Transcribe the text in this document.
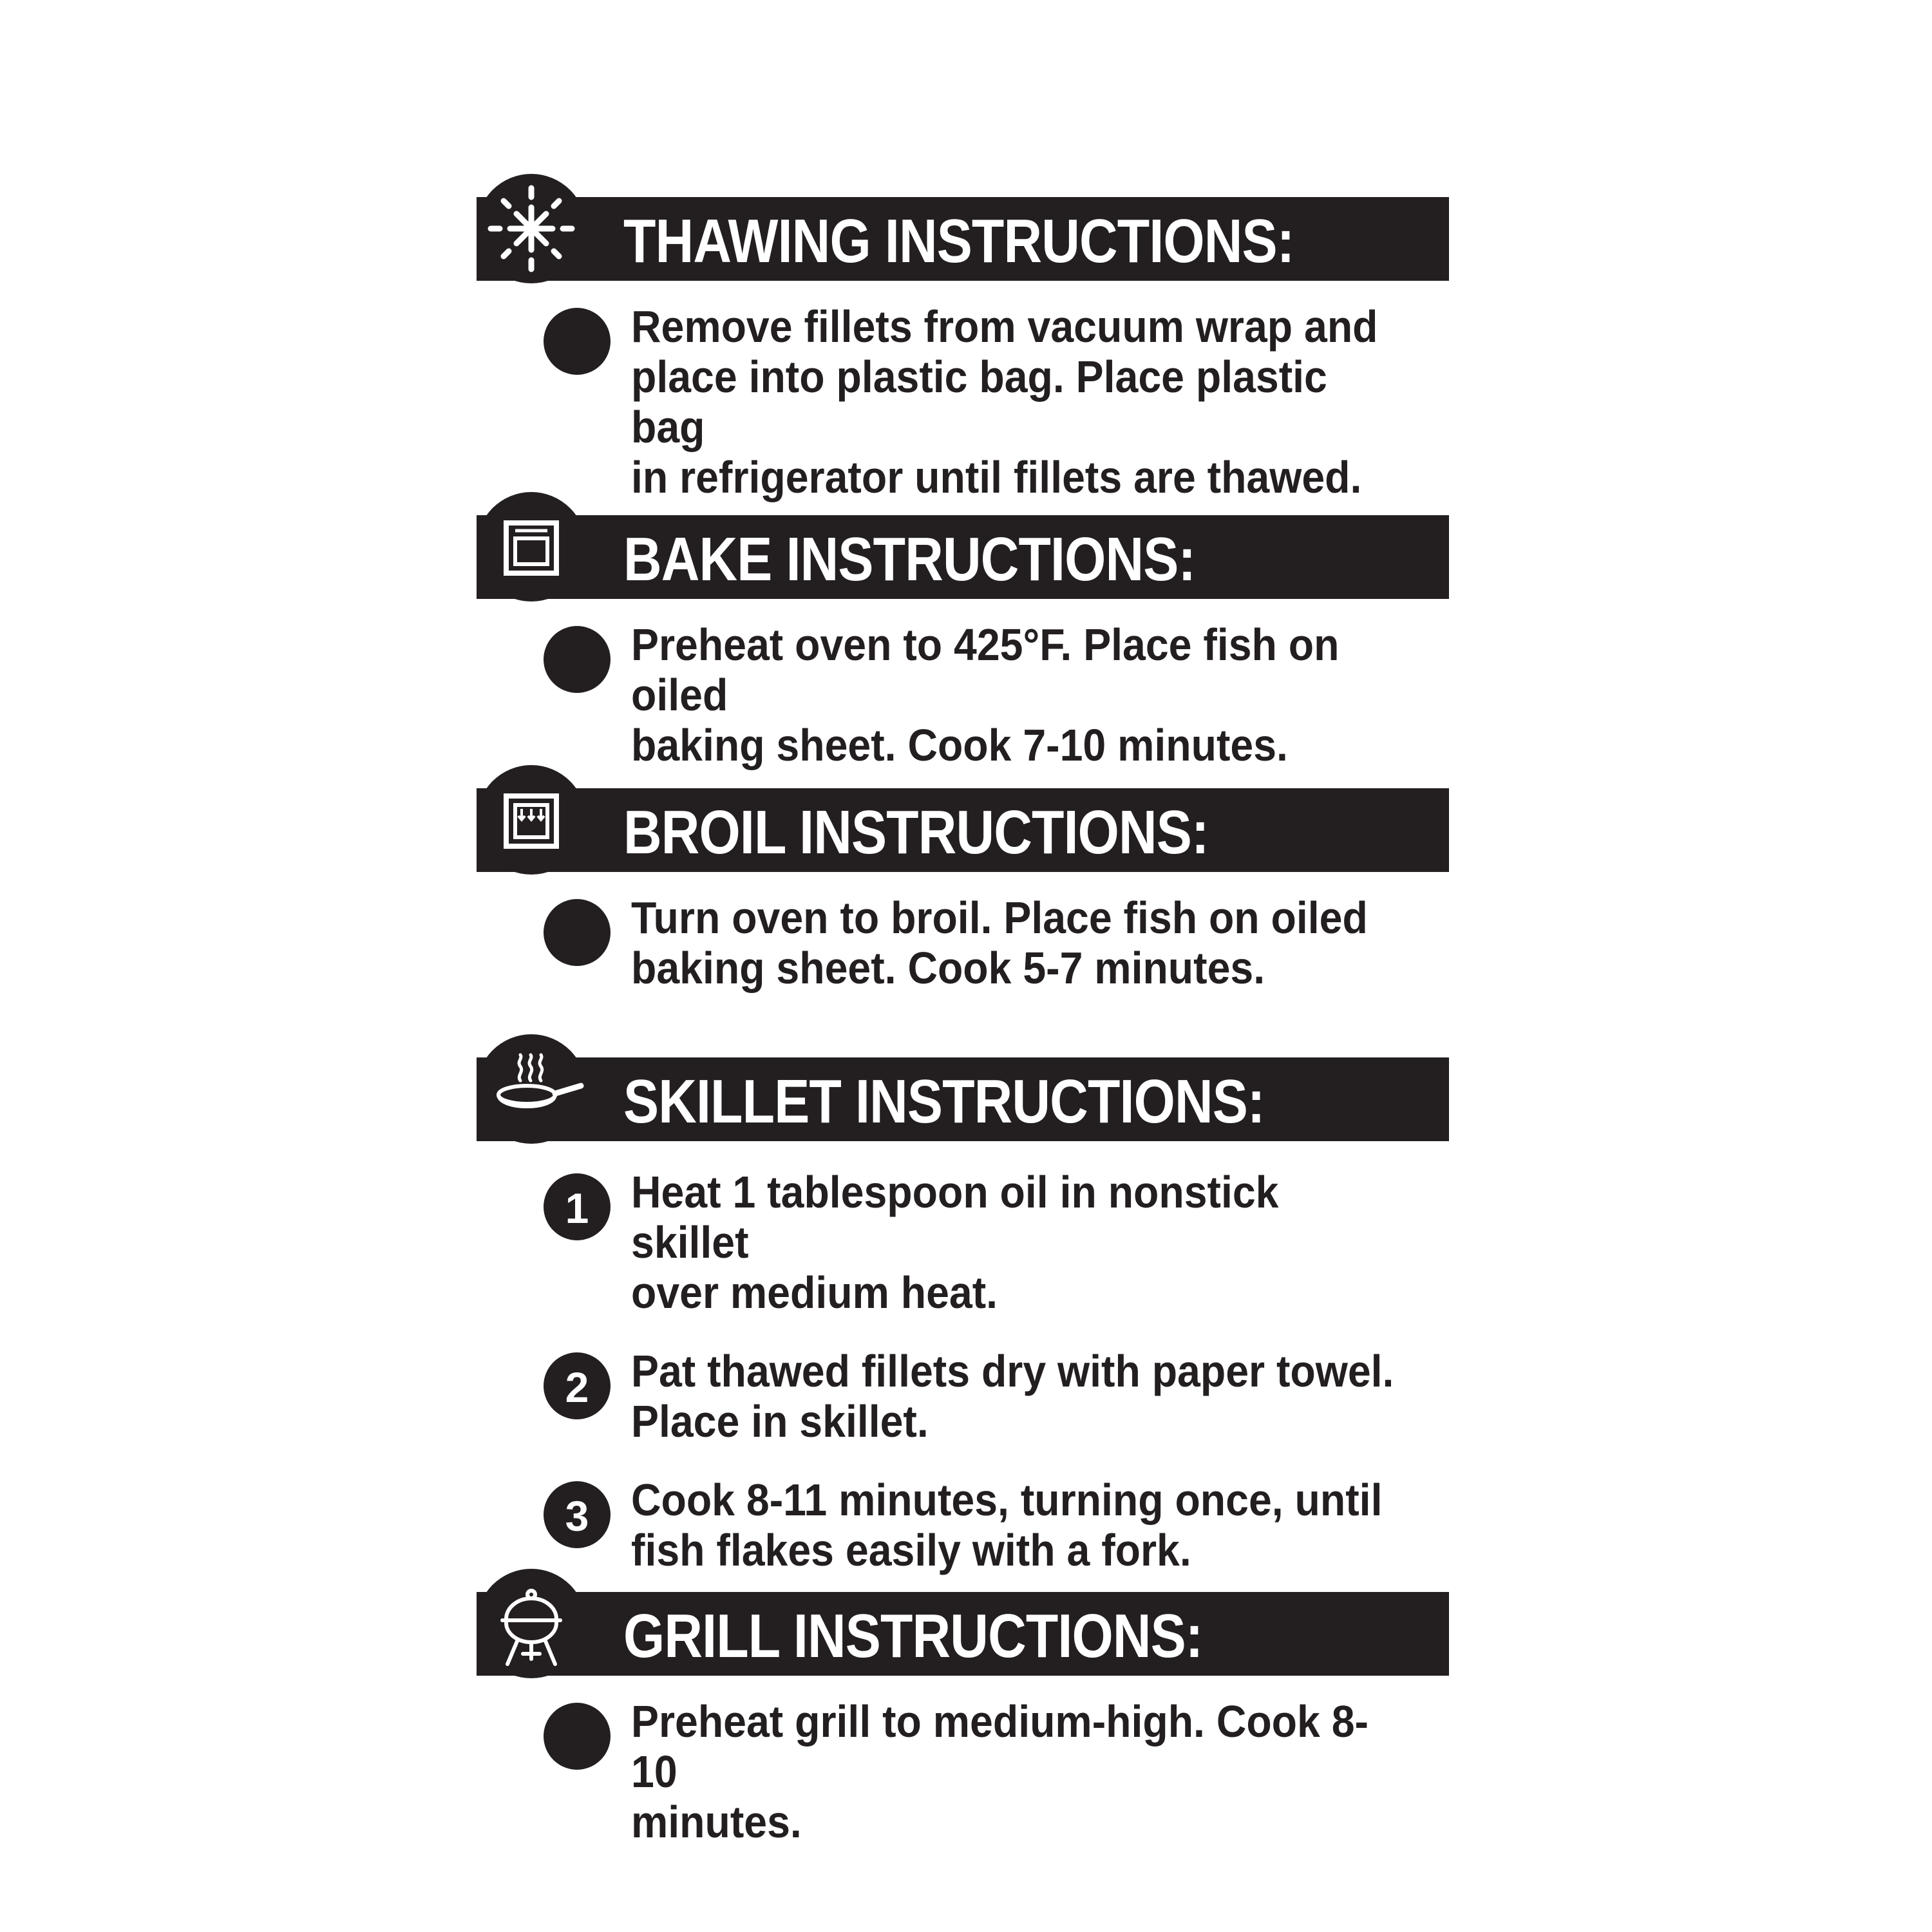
THAWING INSTRUCTIONS:
Remove fillets from vacuum wrap and
place into plastic bag. Place plastic bag
in refrigerator until fillets are thawed.
BAKE INSTRUCTIONS:
Preheat oven to 425°F. Place fish on oiled
baking sheet. Cook 7-10 minutes.
BROIL INSTRUCTIONS:
Turn oven to broil. Place fish on oiled
baking sheet. Cook 5-7 minutes.
SKILLET INSTRUCTIONS:
1 Heat 1 tablespoon oil in nonstick skillet
over medium heat.
2 Pat thawed fillets dry with paper towel.
Place in skillet.
3 Cook 8-11 minutes, turning once, until
fish flakes easily with a fork.
GRILL INSTRUCTIONS:
Preheat grill to medium-high. Cook 8-10
minutes.
